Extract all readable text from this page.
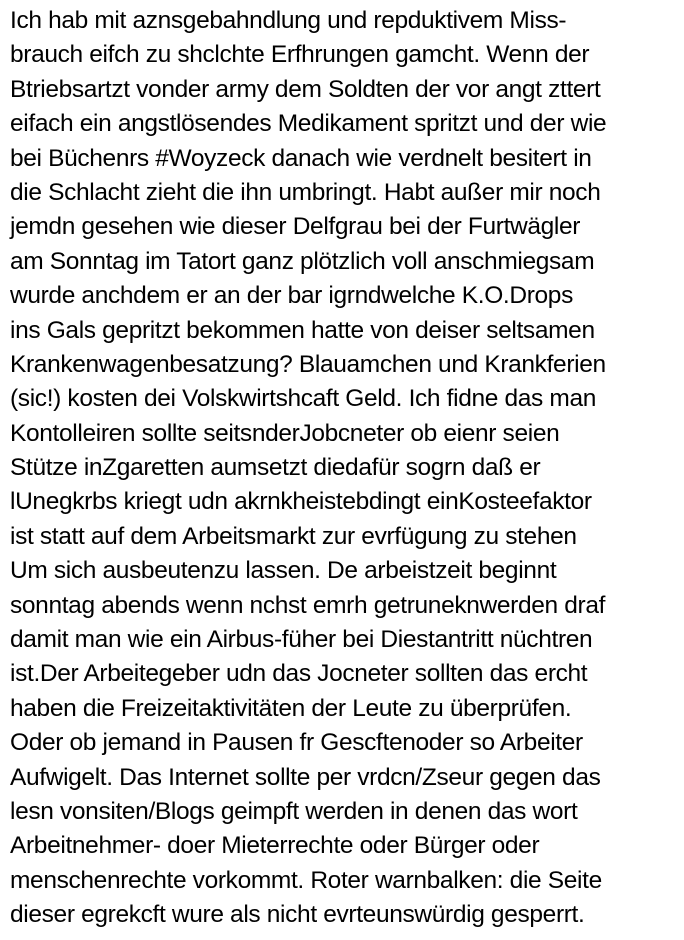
Ich hab mit aznsgebahndlung und repduktivem Miss-
brauch eifch zu shclchte Erfhrungen gamcht. Wenn der
Btriebsartzt vonder army dem Soldten der vor angt zttert
eifach ein angstlösendes Medikament spritzt und der wie
bei Büchenrs #Woyzeck danach wie verdnelt besitert in
die Schlacht zieht die ihn umbringt. Habt außer mir noch
jemdn gesehen wie dieser Delfgrau bei der Furtwägler
am Sonntag im Tatort ganz plötzlich voll anschmiegsam
wurde anchdem er an der bar igrndwelche K.O.Drops
ins Gals gepritzt bekommen hatte von deiser seltsamen
Krankenwagenbesatzung? Blauamchen und Krankferien
(sic!) kosten dei Volskwirtshcaft Geld. Ich fidne das man
Kontolleiren sollte seitsnderJobcneter ob eienr seien
Stütze inZgaretten aumsetzt diedafür sogrn daß er
lUnegkrbs kriegt udn akrnkheistebdingt einKosteefaktor
ist statt auf dem Arbeitsmarkt zur evrfügung zu stehen
Um sich ausbeutenzu lassen. De arbeistzeit beginnt
sonntag abends wenn nchst emrh getruneknwerden draf
damit man wie ein Airbus-füher bei Diestantritt nüchtren
ist.Der Arbeitegeber udn das Jocneter sollten das ercht
haben die Freizeitaktivitäten der Leute zu überprüfen.
Oder ob jemand in Pausen fr Gescftenoder so Arbeiter
Aufwigelt. Das Internet sollte per vrdcn/Zseur gegen das
lesn vonsiten/Blogs geimpft werden in denen das wort
Arbeitnehmer- doer Mieterrechte oder Bürger oder
menschenrechte vorkommt. Roter warnbalken: die Seite
dieser egrekcft wure als nicht evrteunswürdig gesperrt.
